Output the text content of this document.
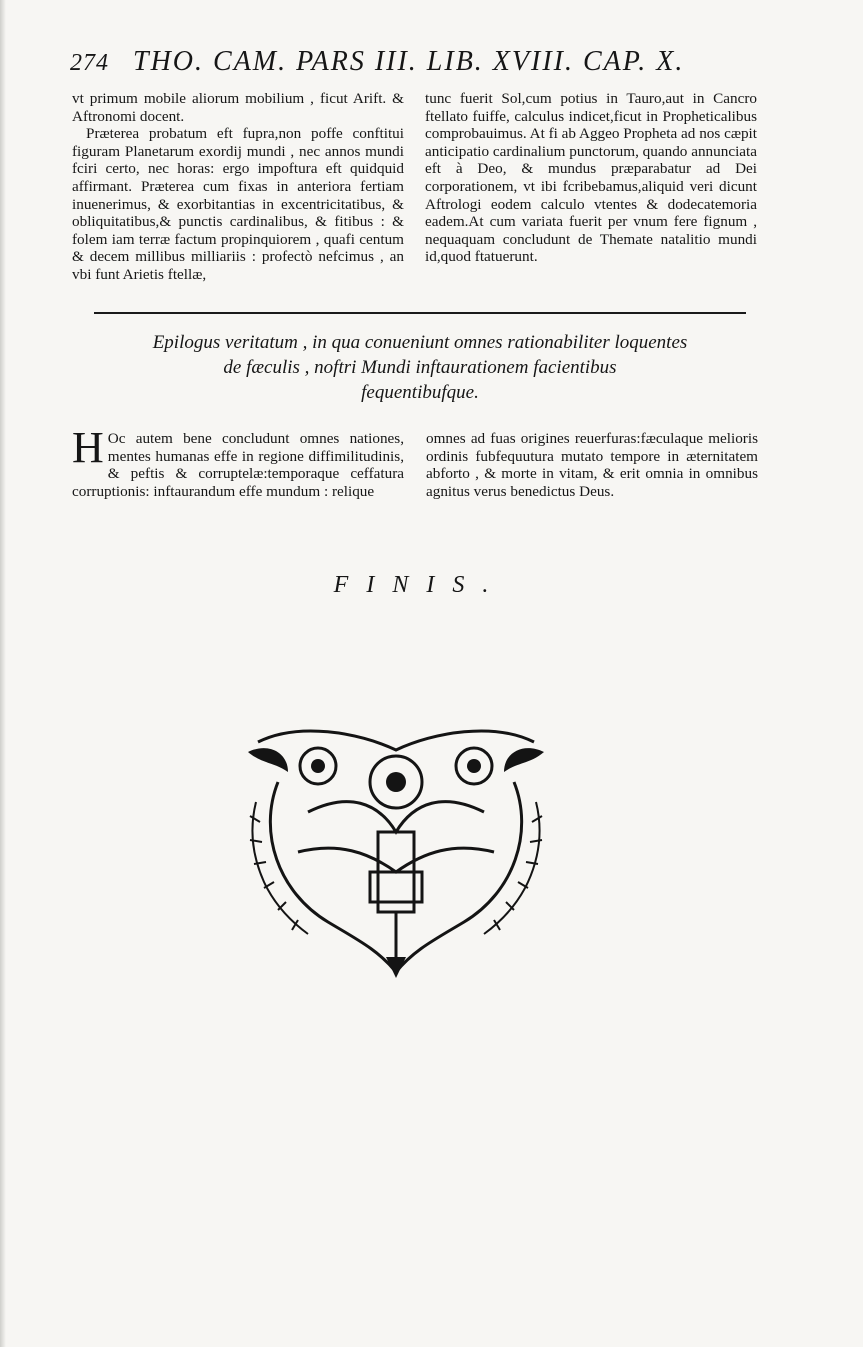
274 THO. CAM. PARS III. LIB. XVIII. CAP. X.

vt primum mobile aliorum mobilium , ficut Arift. & Aftronomi docent.

Præterea probatum eft fupra,non poffe conftitui figuram Planetarum exordij mundi , nec annos mundi fciri certo, nec horas: ergo impoftura eft quidquid affirmant. Præterea cum fixas in anteriora fertiam inuenerimus, & exorbitantias in excentricitatibus, & obliquitatibus,& punctis cardinalibus, & fitibus : & folem iam terræ factum propinquiorem , quafi centum & decem millibus milliariis : profectò nefcimus , an vbi funt Arietis ftellæ,

tunc fuerit Sol,cum potius in Tauro,aut in Cancro ftellato fuiffe, calculus indicet,ficut in Propheticalibus comprobauimus. At fi ab Aggeo Propheta ad nos cæpit anticipatio cardinalium punctorum, quando annunciata eft à Deo, & mundus præparabatur ad Dei corporationem, vt ibi fcribebamus,aliquid veri dicunt Aftrologi eodem calculo vtentes & dodecatemoria eadem.At cum variata fuerit per vnum fere fignum , nequaquam concludunt de Themate natalitio mundi id,quod ftatuerunt.

Epilogus veritatum , in qua conueniunt omnes rationabiliter loquentes
de fæculis , noftri Mundi inftaurationem facientibus
fequentibufque.
H Oc autem bene concludunt omnes nationes, mentes humanas effe in regione diffimilitudinis, & peftis & corruptelæ:temporaque ceffatura corruptionis: inftaurandum effe mundum : relique

omnes ad fuas origines reuerfuras:fæculaque melioris ordinis fubfequutura mutato tempore in æternitatem abforto , & morte in vitam, & erit omnia in omnibus agnitus verus benedictus Deus.

FINIS.
